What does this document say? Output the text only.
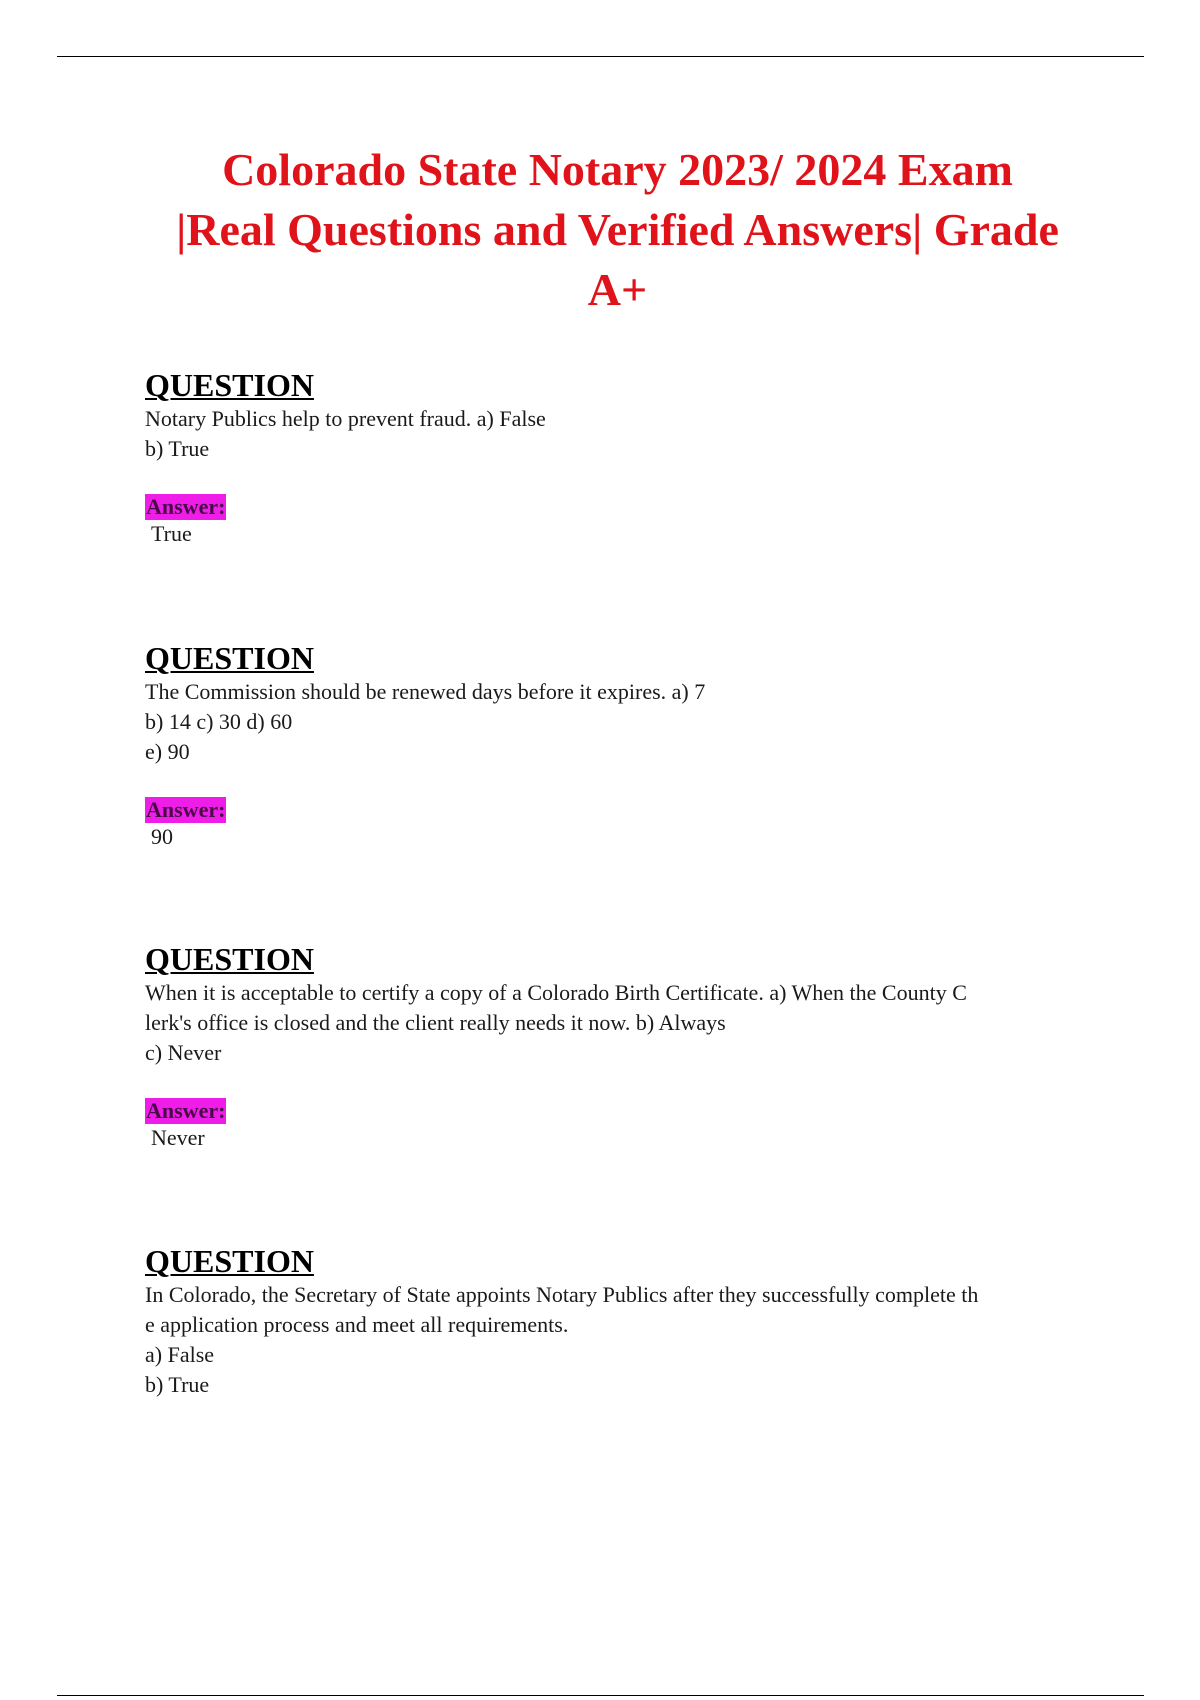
Colorado State Notary 2023/ 2024 Exam
|Real Questions and Verified Answers| Grade
A+

QUESTION

Notary Publics help to prevent fraud. a) False

b) True

Answer:

True

QUESTION

The Commission should be renewed days before it expires. a) 7

b) 14 c) 30 d) 60

e) 90

Answer:

90

QUESTION

When it is acceptable to certify a copy of a Colorado Birth Certificate. a) When the County C

lerk's office is closed and the client really needs it now. b) Always

c) Never

Answer:

Never

QUESTION

In Colorado, the Secretary of State appoints Notary Publics after they successfully complete th

e application process and meet all requirements.

a) False

b) True
